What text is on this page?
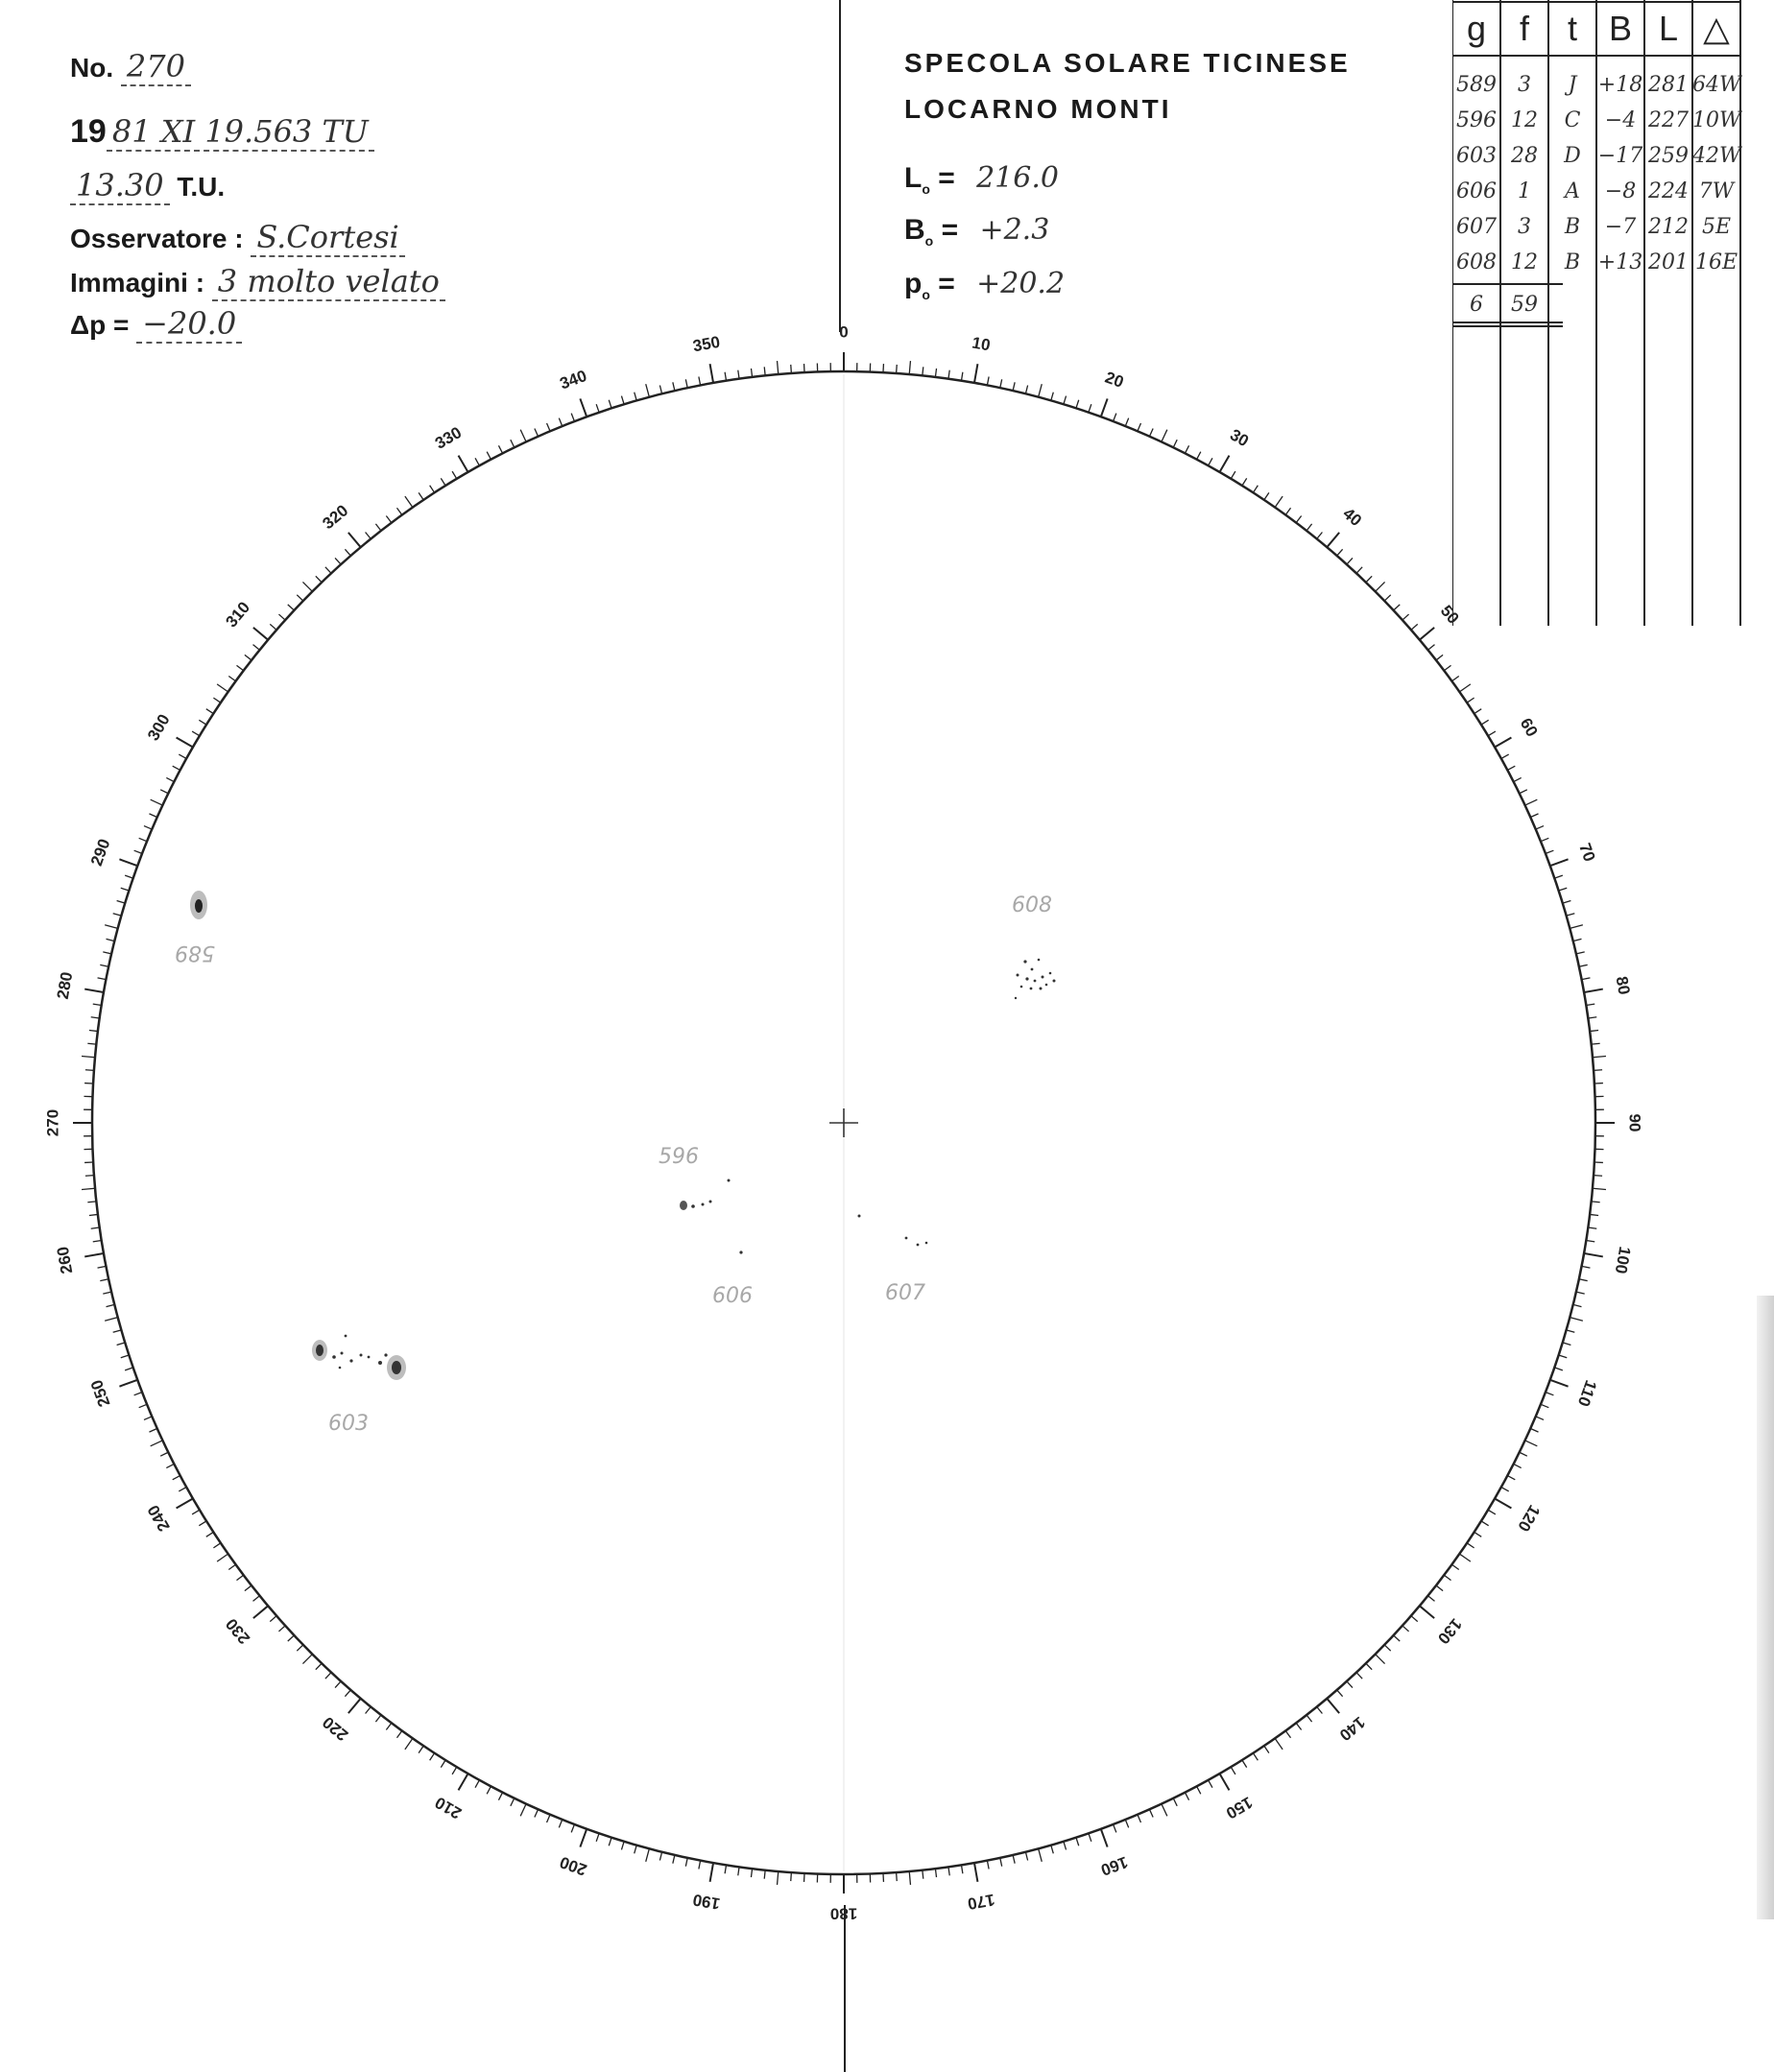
No. 270
19 81 XI 19.563 TU
13.30 T.U.
Osservatore : S.Cortesi
Immagini : 3 molto velato
Δp = −20.0
SPECOLA SOLARE TICINESE
LOCARNO MONTI
$L_o = 216.0$
$B_o = +2.3$
$p_o = +20.2$
0
10
20
30
40
50
60
70
80
90
100
110
120
130
140
150
160
170
180
190
200
210
220
230
240
250
260
270
280
290
300
310
320
330
340
350
589
608
596
606	607
603
g f	t B L △
589	3	J	+18 281 64W
596 12	C	−4 227 10W
603 28	D −17 259 42W
606	1	A	−8 224 7W
607	3	B	−7 212 5E
608 12	B +13 201 16E
6	59
